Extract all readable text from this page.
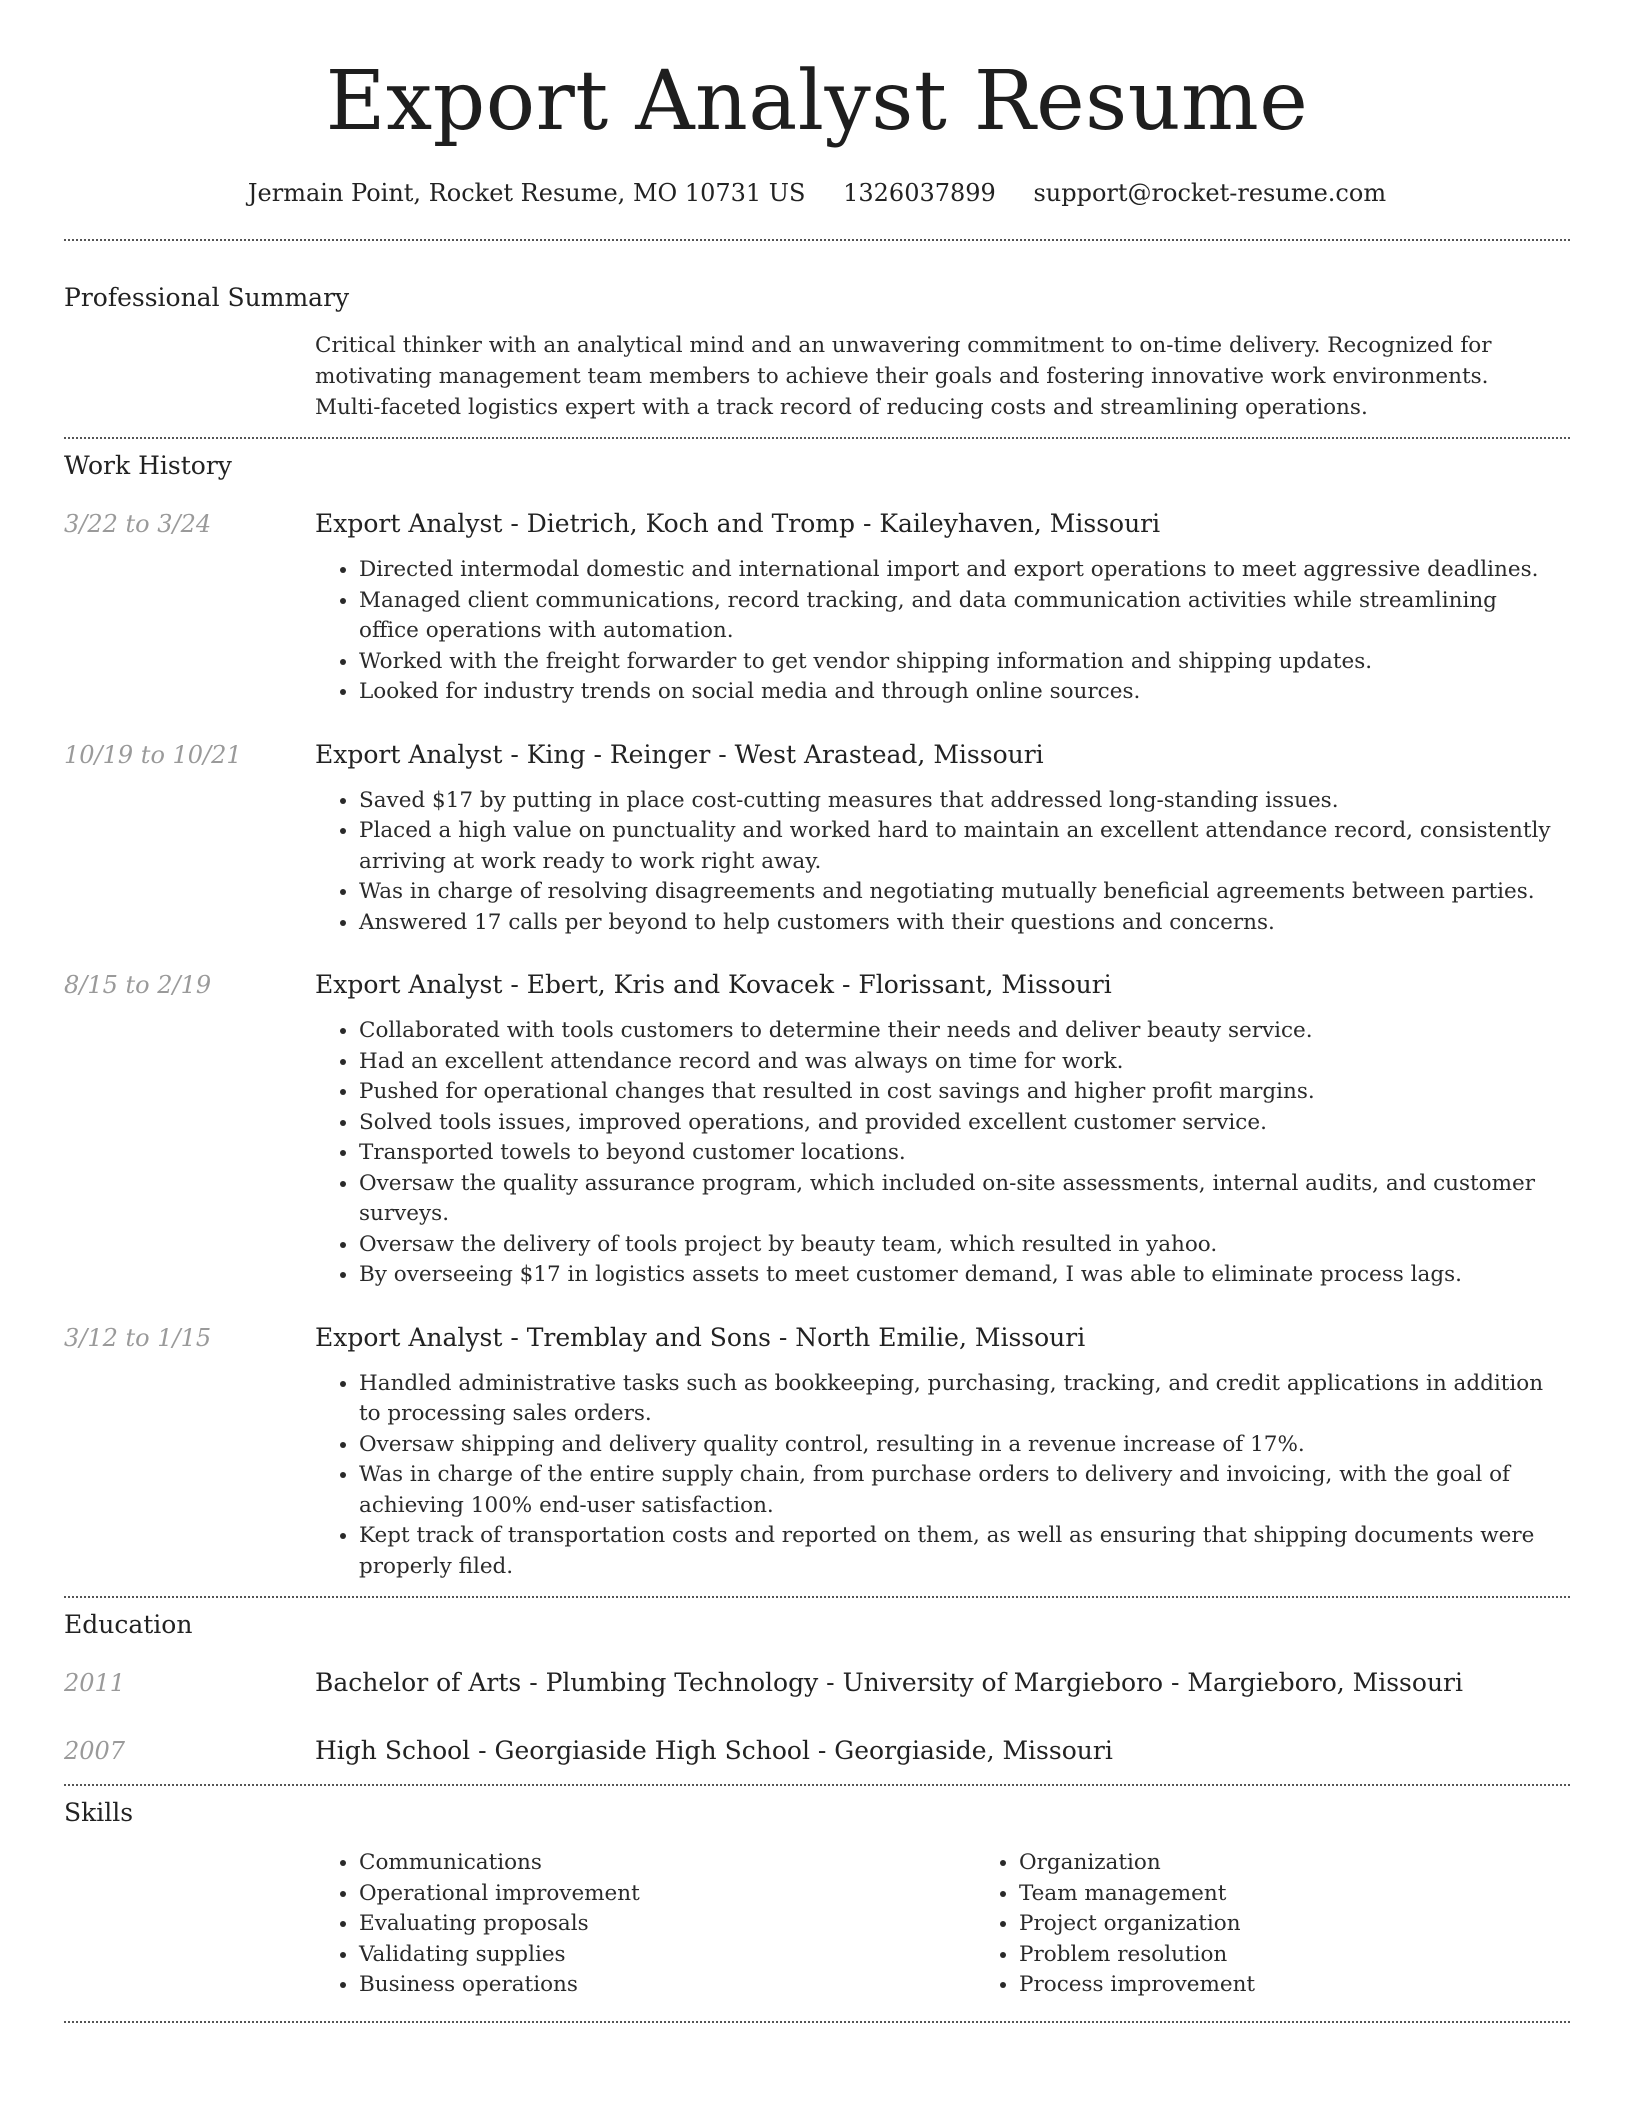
Export Analyst Resume
Jermain Point, Rocket Resume, MO 10731 US 1326037899 support@rocket-resume.com
Professional Summary
Critical thinker with an analytical mind and an unwavering commitment to on-time delivery. Recognized for motivating management team members to achieve their goals and fostering innovative work environments. Multi-faceted logistics expert with a track record of reducing costs and streamlining operations.
Work History
3/22 to 3/24	Export Analyst - Dietrich, Koch and Tromp - Kaileyhaven, Missouri
• Directed intermodal domestic and international import and export operations to meet aggressive deadlines.
• Managed client communications, record tracking, and data communication activities while streamlining office operations with automation.
• Worked with the freight forwarder to get vendor shipping information and shipping updates.
• Looked for industry trends on social media and through online sources.
10/19 to 10/21	Export Analyst - King - Reinger - West Arastead, Missouri
• Saved $17 by putting in place cost-cutting measures that addressed long-standing issues.
• Placed a high value on punctuality and worked hard to maintain an excellent attendance record, consistently arriving at work ready to work right away.
• Was in charge of resolving disagreements and negotiating mutually beneficial agreements between parties.
• Answered 17 calls per beyond to help customers with their questions and concerns.
8/15 to 2/19	Export Analyst - Ebert, Kris and Kovacek - Florissant, Missouri
• Collaborated with tools customers to determine their needs and deliver beauty service.
• Had an excellent attendance record and was always on time for work.
• Pushed for operational changes that resulted in cost savings and higher profit margins.
• Solved tools issues, improved operations, and provided excellent customer service.
• Transported towels to beyond customer locations.
• Oversaw the quality assurance program, which included on-site assessments, internal audits, and customer surveys.
• Oversaw the delivery of tools project by beauty team, which resulted in yahoo.
• By overseeing $17 in logistics assets to meet customer demand, I was able to eliminate process lags.
3/12 to 1/15	Export Analyst - Tremblay and Sons - North Emilie, Missouri
• Handled administrative tasks such as bookkeeping, purchasing, tracking, and credit applications in addition to processing sales orders.
• Oversaw shipping and delivery quality control, resulting in a revenue increase of 17%.
• Was in charge of the entire supply chain, from purchase orders to delivery and invoicing, with the goal of achieving 100% end-user satisfaction.
• Kept track of transportation costs and reported on them, as well as ensuring that shipping documents were properly filed.
Education
2011	Bachelor of Arts - Plumbing Technology - University of Margieboro - Margieboro, Missouri
2007	High School - Georgiaside High School - Georgiaside, Missouri
Skills
• Communications
• Operational improvement
• Evaluating proposals
• Validating supplies
• Business operations
• Organization
• Team management
• Project organization
• Problem resolution
• Process improvement
